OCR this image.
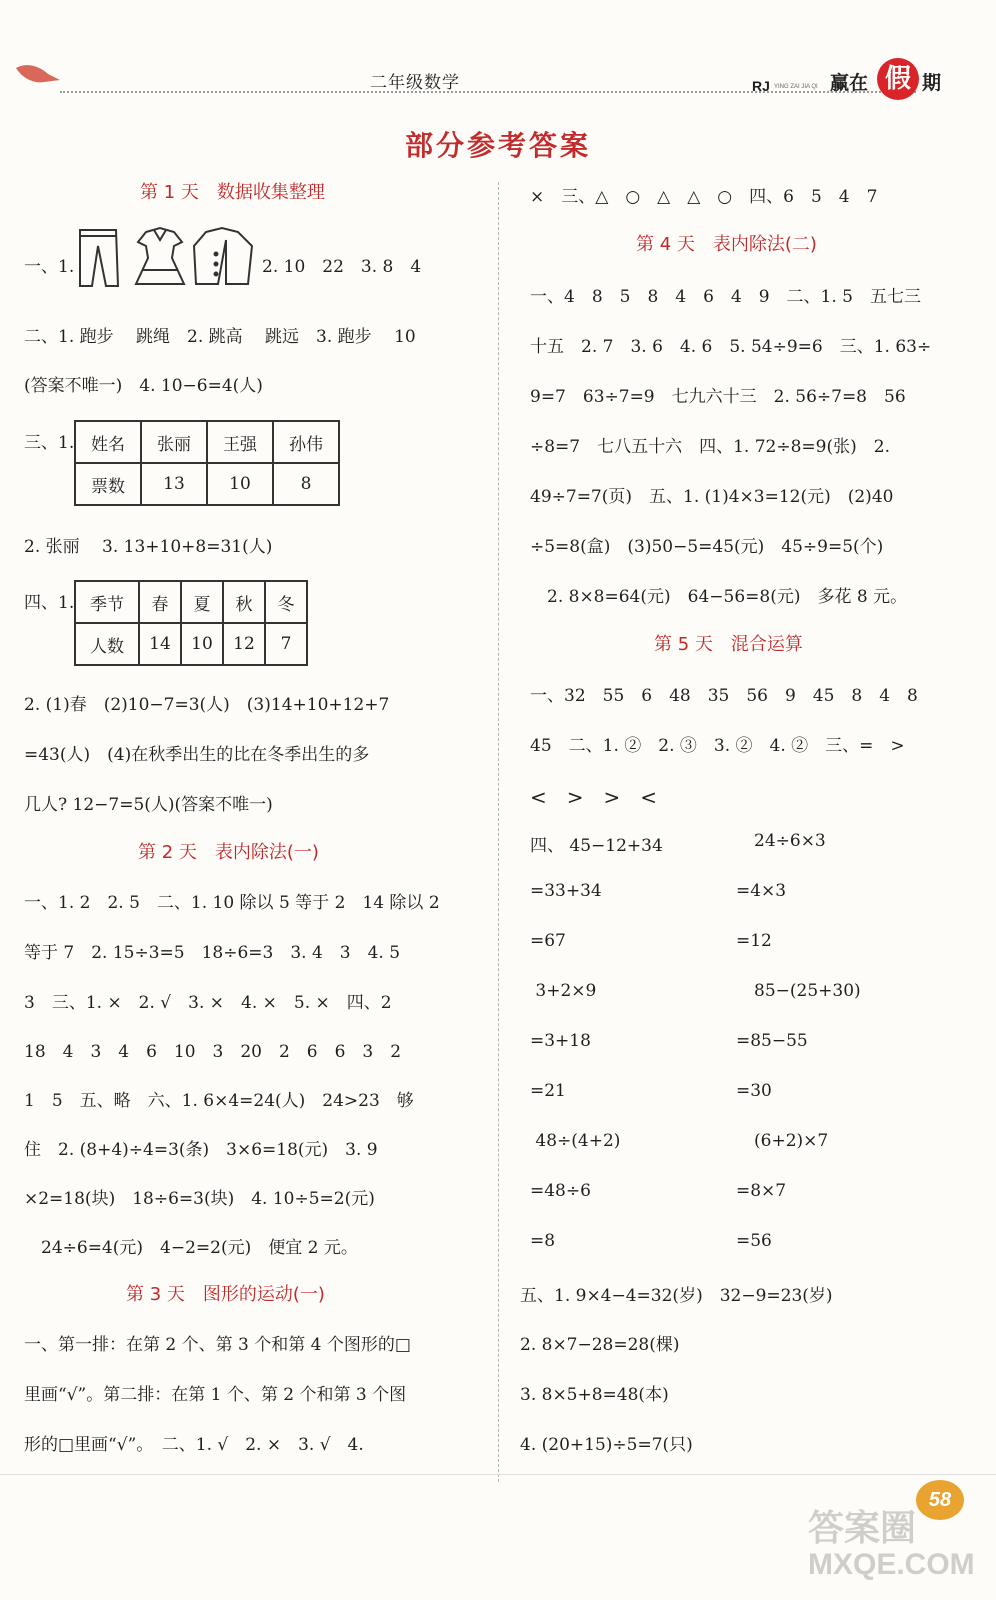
二年级数学	RJ YING ZAI JIA QI 赢在 假 期
部分参考答案
第 1 天　数据收集整理
一、1.	2. 10　22　3. 8　4
二、1. 跑步　 跳绳　2. 跳高　 跳远　3. 跑步　 10
(答案不唯一)　4. 10−6=4(人)
三、1. 姓名	张丽	王强	孙伟
票数	13	10	8
2. 张丽　 3. 13+10+8=31(人)
四、1. 季节	春	夏	秋	冬
人数	14	10	12	7
2. (1)春　(2)10−7=3(人)　(3)14+10+12+7
=43(人)　(4)在秋季出生的比在冬季出生的多
几人? 12−7=5(人)(答案不唯一)
第 2 天　表内除法(一)
一、1. 2　2. 5　二、1. 10 除以 5 等于 2　14 除以 2
等于 7　2. 15÷3=5　18÷6=3　3. 4　3　4. 5
3　三、1. ×　2. √　3. ×　4. ×　5. ×　四、2
18　4　3　4　6　10　3　20　2　6　6　3　2
1　5　五、略　六、1. 6×4=24(人)　24>23　够
住　2. (8+4)÷4=3(条)　3×6=18(元)　3. 9
×2=18(块)　18÷6=3(块)　4. 10÷5=2(元)
　24÷6=4(元)　4−2=2(元)　便宜 2 元。
第 3 天　图形的运动(一)
一、第一排：在第 2 个、第 3 个和第 4 个图形的□
里画“√”。第二排：在第 1 个、第 2 个和第 3 个图
形的□里画“√”。　二、1. √　2. ×　3. √　4.
×　三、△　○　△　△　○　四、6　5　4　7
第 4 天　表内除法(二)
一、4　8　5　8　4　6　4　9　二、1. 5　五七三
十五　2. 7　3. 6　4. 6　5. 54÷9=6　三、1. 63÷
9=7　63÷7=9　七九六十三　2. 56÷7=8　56
÷8=7　七八五十六　四、1. 72÷8=9(张)　2.
49÷7=7(页)　五、1. (1)4×3=12(元)　(2)40
÷5=8(盒)　(3)50−5=45(元)　45÷9=5(个)
　2. 8×8=64(元)　64−56=8(元)　多花 8 元。
第 5 天　混合运算
一、32　55　6　48　35　56　9　45　8　4　8
45　二、1. ②　2. ③　3. ②　4. ②　三、=　>
<　>　>　<
四、 45−12+34	24÷6×3
=33+34	=4×3
=67	=12
3+2×9	85−(25+30)
=3+18	=85−55
=21	=30
48÷(4+2)	(6+2)×7
=48÷6	=8×7
=8	=56
五、1. 9×4−4=32(岁)　32−9=23(岁)
2. 8×7−28=28(棵)
3. 8×5+8=48(本)
4. (20+15)÷5=7(只)
58
答案圈
MXQE.COM
